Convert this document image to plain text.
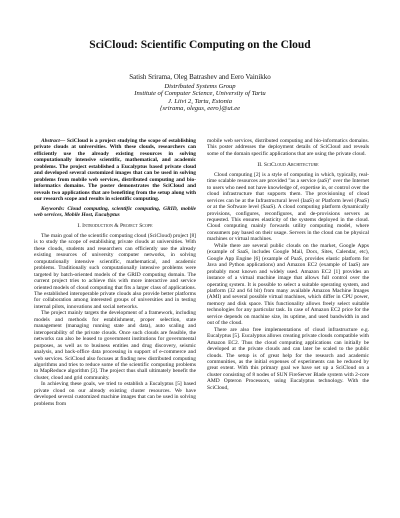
SciCloud: Scientific Computing on the Cloud
Satish Srirama, Oleg Batrashev and Eero Vainikko
Distributed Systems Group
Institute of Computer Science, University of Tartu
J. Liivi 2, Tartu, Estonia
{srirama, olegus, eero}@ut.ee

Abstract— SciCloud is a project studying the scope of establishing private clouds at universities. With these clouds, researchers can efficiently use the already existing resources in solving computationally intensive scientific, mathematical, and academic problems. The project established a Eucalyptus based private cloud and developed several customized images that can be used in solving problems from mobile web services, distributed computing and bio-informatics domains. The poster demonstrates the SciCloud and reveals two applications that are benefiting from the setup along with our research scope and results in scientific computing.

Keywords: Cloud computing, scientific computing, GRID, mobile web services, Mobile Host, Eucalyptus

I. Introduction & Project Scope

The main goal of the scientific computing cloud (SciCloud) project [8] is to study the scope of establishing private clouds at universities. With these clouds, students and researchers can efficiently use the already existing resources of university computer networks, in solving computationally intensive scientific, mathematical, and academic problems. Traditionally such computationally intensive problems were targeted by batch-oriented models of the GRID computing domain. The current project tries to achieve this with more interactive and service oriented models of cloud computing that fits a larger class of applications. The established interoperable private clouds also provide better platforms for collaboration among interested groups of universities and in testing internal pilots, innovations and social networks.

The project mainly targets the development of a framework, including models and methods for establishment, proper selection, state management (managing running state and data), auto scaling and interoperability of the private clouds. Once such clouds are feasible, the networks can also be leased to government institutions for governmental purposes, as well as to business entities and drug discovery, seismic analysis, and back-office data processing in support of e-commerce and web services. SciCloud also focuses at finding new distributed computing algorithms and tries to reduce some of the scientific computing problems to MapReduce algorithm [3]. The project thus shall ultimately benefit the cluster, cloud and grid community.

In achieving these goals, we tried to establish a Eucalyptus [5] based private cloud on our already existing cluster resources. We have developed several customized machine images that can be used in solving problems from

mobile web services, distributed computing and bio-informatics domains. This poster addresses the deployment details of SciCloud and reveals some of the domain specific applications that are using the private cloud.

II. SciCloud Architecture

Cloud computing [2] is a style of computing in which, typically, real-time scalable resources are provided "as a service (aaS)" over the Internet to users who need not have knowledge of, expertise in, or control over the cloud infrastructure that supports them. The provisioning of cloud services can be at the Infrastructural level (IaaS) or Platform level (PaaS) or at the Software level (SaaS). A cloud computing platform dynamically provisions, configures, reconfigures, and de-provisions servers as requested. This ensures elasticity of the systems deployed in the cloud. Cloud computing mainly forwards utility computing model, where consumers pay based on their usage. Servers in the cloud can be physical machines or virtual machines.

While there are several public clouds on the market, Google Apps (example of SaaS, includes Google Mail, Docs, Sites, Calendar, etc), Google App Engine [6] (example of PaaS, provides elastic platform for Java and Python applications) and Amazon EC2 (example of IaaS) are probably most known and widely used. Amazon EC2 [1] provides an instance of a virtual machine image that allows full control over the operating system. It is possible to select a suitable operating system, and platform (32 and 64 bit) from many available Amazon Machine Images (AMI) and several possible virtual machines, which differ in CPU power, memory and disk space. This functionality allows freely select suitable technologies for any particular task. In case of Amazon EC2 price for the service depends on machine size, its uptime, and used bandwidth in and out of the cloud.

There are also free implementations of cloud infrastructure e.g. Eucalyptus [5]. Eucalyptus allows creating private clouds compatible with Amazon EC2. Thus the cloud computing applications can initially be developed at the private clouds and can later be scaled to the public clouds. The setup is of great help for the research and academic communities, as the initial expenses of experiments can be reduced by great extent. With this primary goal we have set up a SciCloud on a cluster consisting of 8 nodes of SUN FireServer Blade system with 2-core AMD Opteron Processors, using Eucalyptus technology. With the SciCloud,
